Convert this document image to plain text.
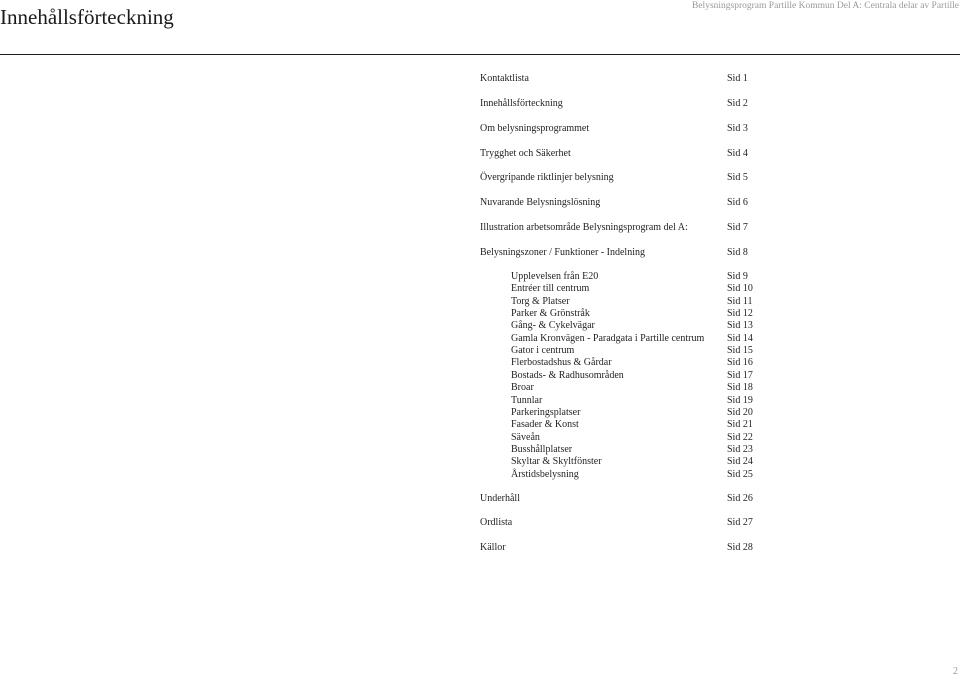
Innehållsförteckning	Belysningsprogram Partille Kommun Del A: Centrala delar av Partille
Kontaktlista	Sid 1
Innehållsförteckning	Sid 2
Om belysningsprogrammet	Sid 3
Trygghet och Säkerhet	Sid 4
Övergripande riktlinjer belysning	Sid 5
Nuvarande Belysningslösning	Sid 6
Illustration arbetsområde Belysningsprogram del A:	Sid 7
Belysningszoner / Funktioner - Indelning	Sid 8
Upplevelsen från E20	Sid 9
Entréer till centrum	Sid 10
Torg & Platser	Sid 11
Parker & Grönstråk	Sid 12
Gång- & Cykelvägar	Sid 13
Gamla Kronvägen - Paradgata i Partille centrum Sid 14
Gator i centrum	Sid 15
Flerbostadshus & Gårdar	Sid 16
Bostads- & Radhusområden	Sid 17
Broar	Sid 18
Tunnlar	Sid 19
Parkeringsplatser	Sid 20
Fasader & Konst	Sid 21
Säveån	Sid 22
Busshållplatser	Sid 23
Skyltar & Skyltfönster	Sid 24
Årstidsbelysning	Sid 25
Underhåll	Sid 26
Ordlista	Sid 27
Källor	Sid 28
2
